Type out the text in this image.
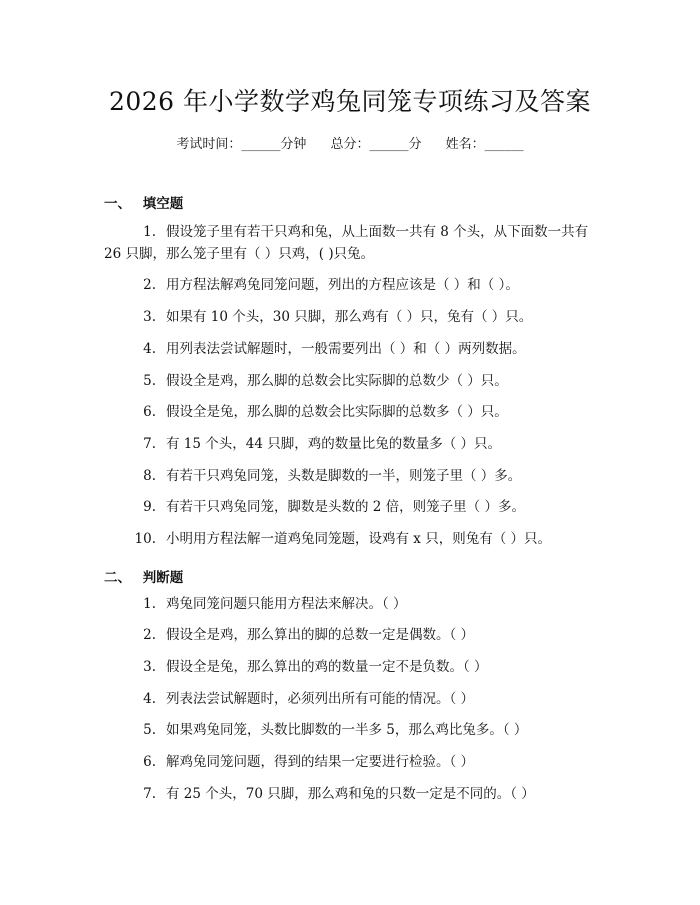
2026 年小学数学鸡兔同笼专项练习及答案
考试时间：______分钟 总分：______分 姓名：______
一、 填空题
1. 假设笼子里有若干只鸡和兔，从上面数一共有 8 个头，从下面数一共有
26 只脚，那么笼子里有（ ）只鸡，( )只兔。
2. 用方程法解鸡兔同笼问题，列出的方程应该是（ ）和（ ）。
3. 如果有 10 个头，30 只脚，那么鸡有（ ）只，兔有（ ）只。
4. 用列表法尝试解题时，一般需要列出（ ）和（ ）两列数据。
5. 假设全是鸡，那么脚的总数会比实际脚的总数少（ ）只。
6. 假设全是兔，那么脚的总数会比实际脚的总数多（ ）只。
7. 有 15 个头，44 只脚，鸡的数量比兔的数量多（ ）只。
8. 有若干只鸡兔同笼，头数是脚数的一半，则笼子里（ ）多。
9. 有若干只鸡兔同笼，脚数是头数的 2 倍，则笼子里（ ）多。
10. 小明用方程法解一道鸡兔同笼题，设鸡有 x 只，则兔有（ ）只。
二、 判断题
1. 鸡兔同笼问题只能用方程法来解决。（ ）
2. 假设全是鸡，那么算出的脚的总数一定是偶数。（ ）
3. 假设全是兔，那么算出的鸡的数量一定不是负数。（ ）
4. 列表法尝试解题时，必须列出所有可能的情况。（ ）
5. 如果鸡兔同笼，头数比脚数的一半多 5，那么鸡比兔多。（ ）
6. 解鸡兔同笼问题，得到的结果一定要进行检验。（ ）
7. 有 25 个头，70 只脚，那么鸡和兔的只数一定是不同的。（ ）
